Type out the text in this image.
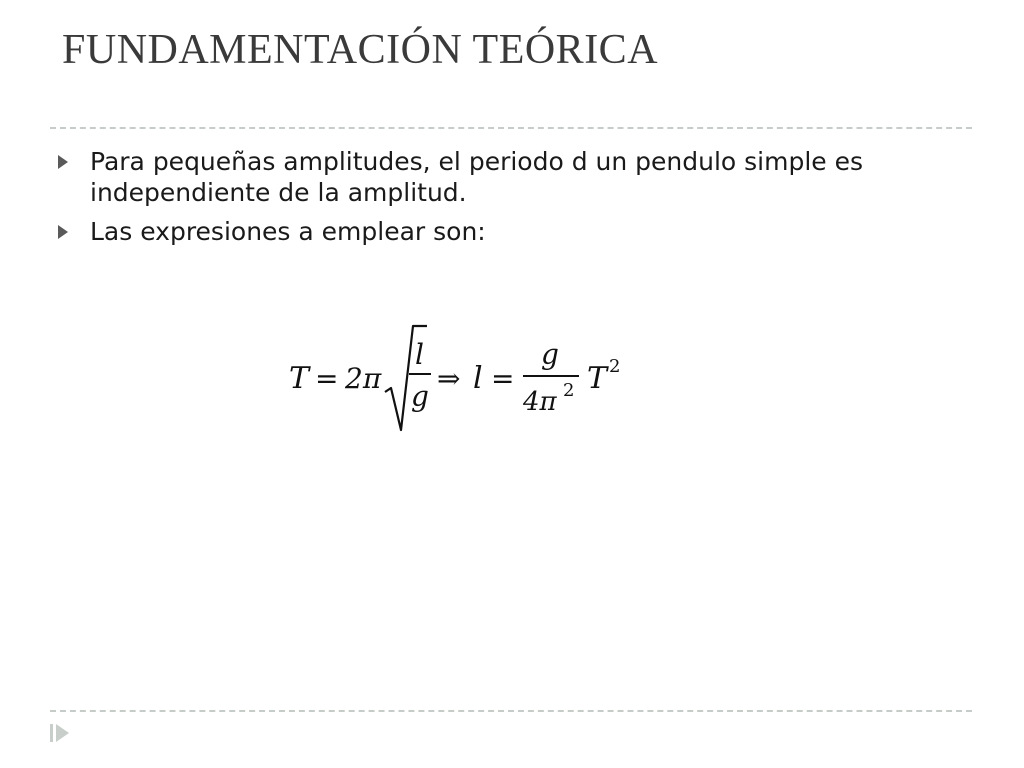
FUNDAMENTACIÓN TEÓRICA
Para pequeñas amplitudes, el periodo d un pendulo simple es independiente de la amplitud.
Las expresiones a emplear son:
T = 2π
l
g
⇒ l =
g
4π 2 T 2
